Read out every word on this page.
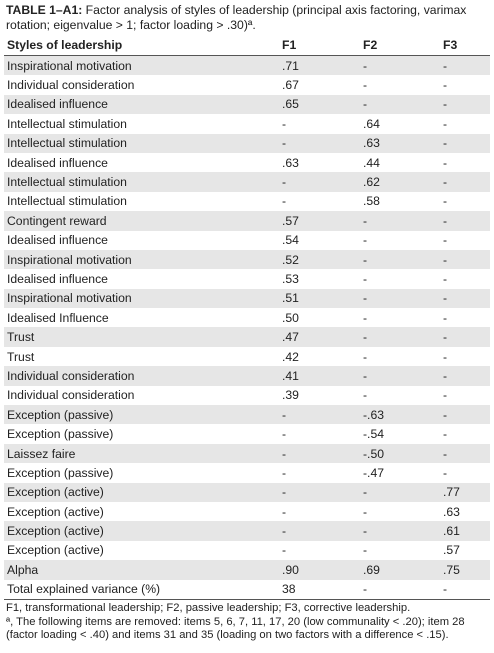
TABLE 1–A1: Factor analysis of styles of leadership (principal axis factoring, varimax rotation; eigenvalue > 1; factor loading > .30)ª.
Styles of leadership	F1	F2	F3
Inspirational motivation	.71	-	-
Individual consideration	.67	-	-
Idealised influence	.65	-	-
Intellectual stimulation	-	.64	-
Intellectual stimulation	-	.63	-
Idealised influence	.63	.44	-
Intellectual stimulation	-	.62	-
Intellectual stimulation	-	.58	-
Contingent reward	.57	-	-
Idealised influence	.54	-	-
Inspirational motivation	.52	-	-
Idealised influence	.53	-	-
Inspirational motivation	.51	-	-
Idealised Influence	.50	-	-
Trust	.47	-	-
Trust	.42	-	-
Individual consideration	.41	-	-
Individual consideration	.39	-	-
Exception (passive)	-	-.63	-
Exception (passive)	-	-.54	-
Laissez faire	-	-.50	-
Exception (passive)	-	-.47	-
Exception (active)	-	-	.77
Exception (active)	-	-	.63
Exception (active)	-	-	.61
Exception (active)	-	-	.57
Alpha	.90	.69	.75
Total explained variance (%)	38	-	-
F1, transformational leadership; F2, passive leadership; F3, corrective leadership.
ª, The following items are removed: items 5, 6, 7, 11, 17, 20 (low communality < .20); item 28 (factor loading < .40) and items 31 and 35 (loading on two factors with a difference < .15).
